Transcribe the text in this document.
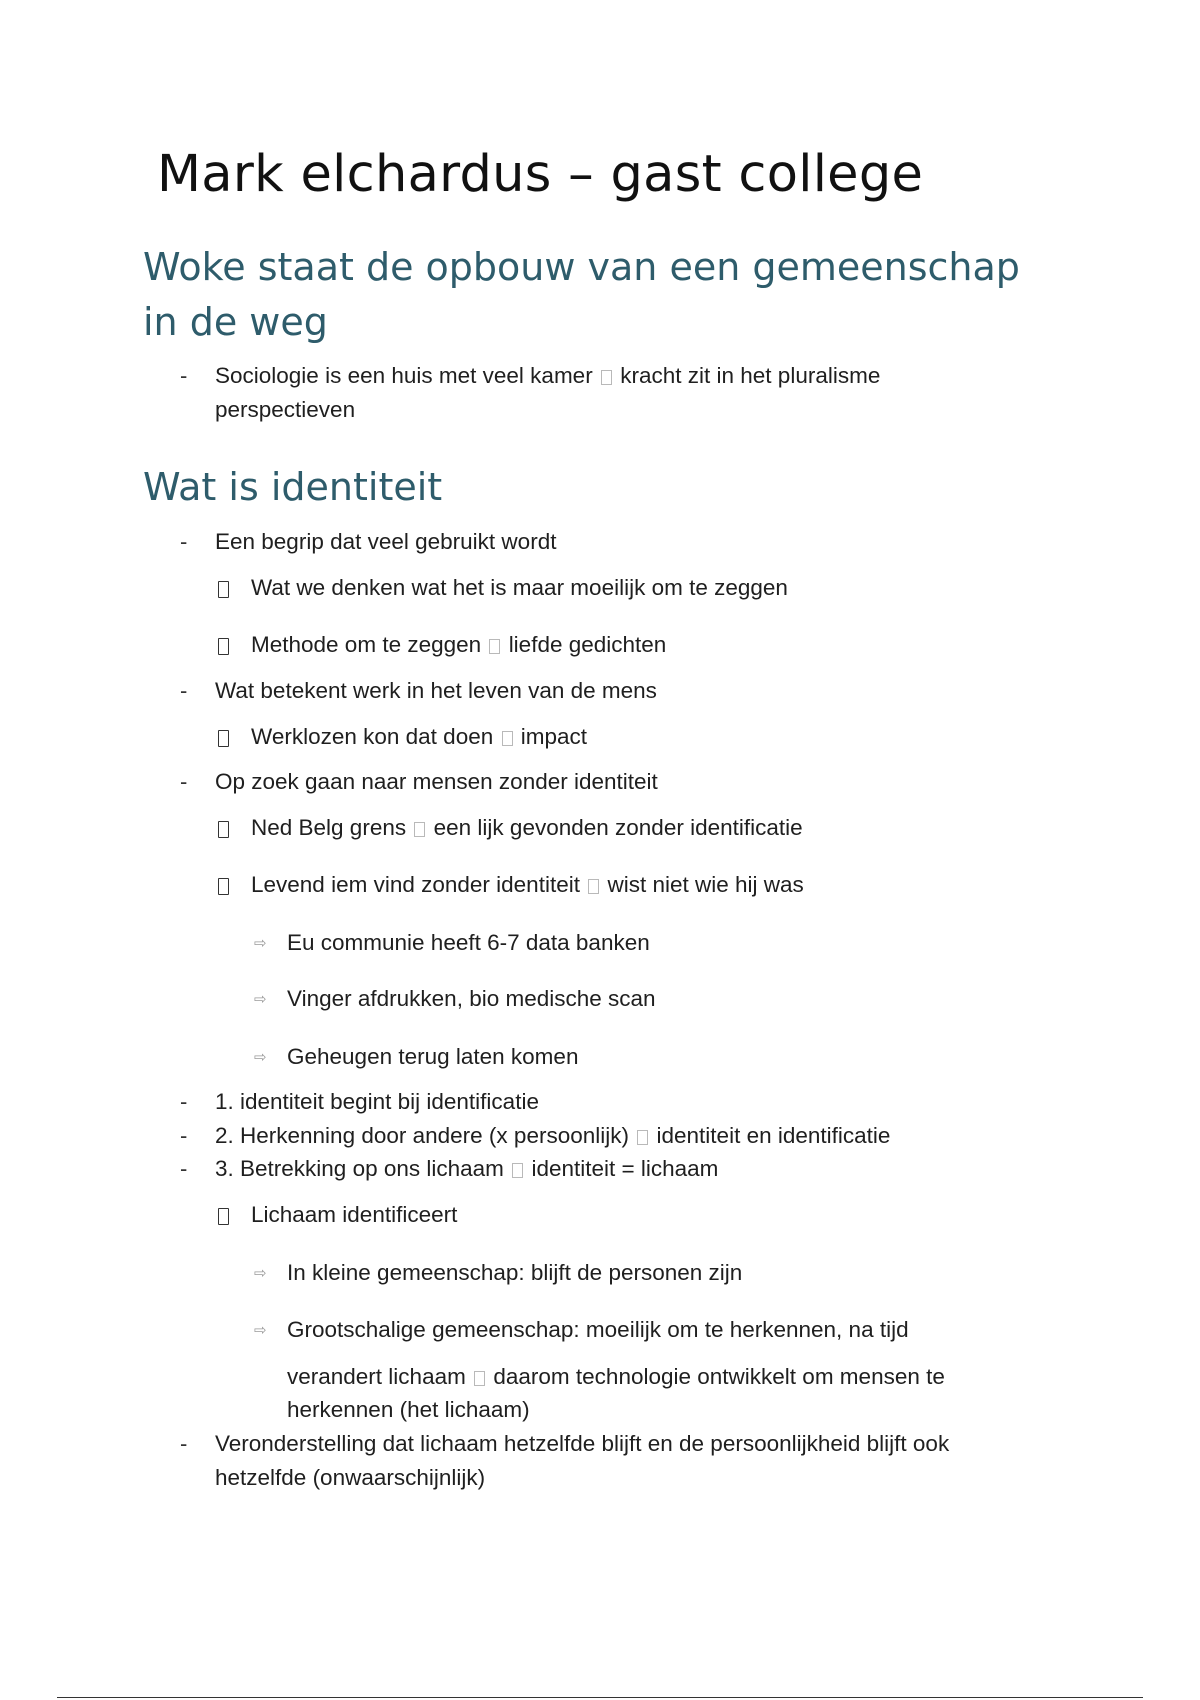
Mark elchardus – gast college
Woke staat de opbouw van een gemeenschap in de weg
- Sociologie is een huis met veel kamer kracht zit in het pluralisme
perspectieven
Wat is identiteit
- Een begrip dat veel gebruikt wordt
Wat we denken wat het is maar moeilijk om te zeggen
Methode om te zeggen liefde gedichten
- Wat betekent werk in het leven van de mens
Werklozen kon dat doen impact
- Op zoek gaan naar mensen zonder identiteit
Ned Belg grens een lijk gevonden zonder identificatie
Levend iem vind zonder identiteit wist niet wie hij was
⇨ Eu communie heeft 6-7 data banken
⇨ Vinger afdrukken, bio medische scan
⇨ Geheugen terug laten komen
- 1. identiteit begint bij identificatie
- 2. Herkenning door andere (x persoonlijk) identiteit en identificatie
- 3. Betrekking op ons lichaam identiteit = lichaam
Lichaam identificeert
⇨ In kleine gemeenschap: blijft de personen zijn
⇨ Grootschalige gemeenschap: moeilijk om te herkennen, na tijd
verandert lichaam daarom technologie ontwikkelt om mensen te
herkennen (het lichaam)
- Veronderstelling dat lichaam hetzelfde blijft en de persoonlijkheid blijft ook
hetzelfde (onwaarschijnlijk)
